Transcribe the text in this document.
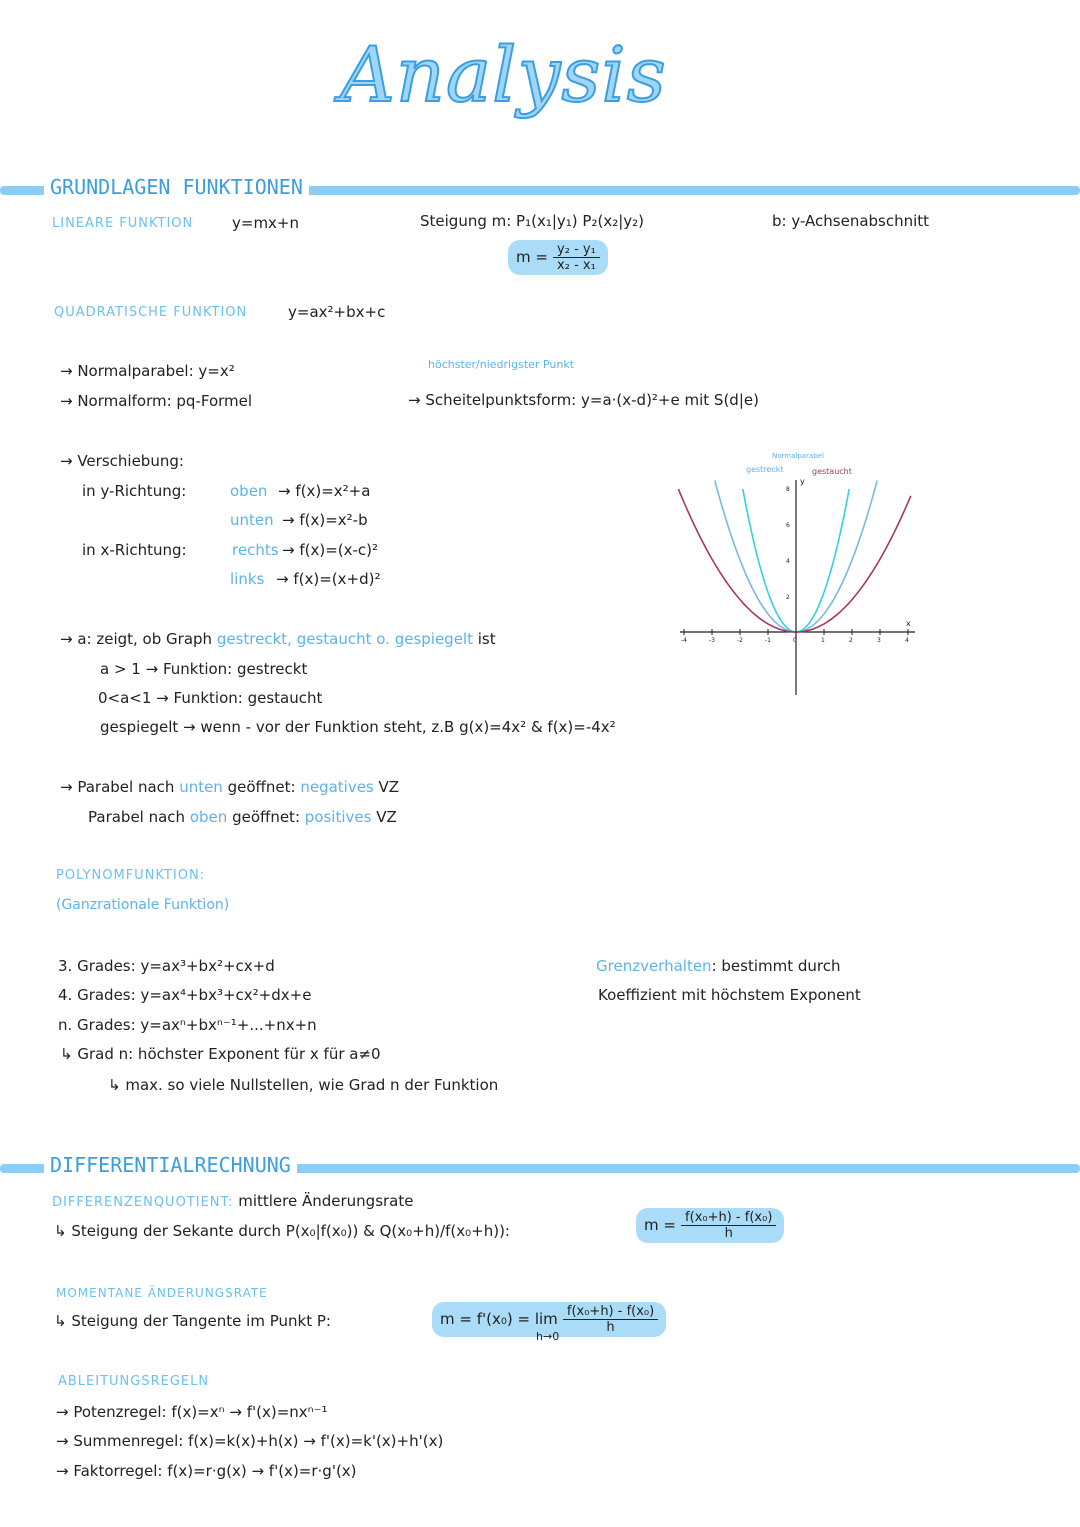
Analysis
GRUNDLAGEN FUNKTIONEN
LINEARE FUNKTION	y=mx+n	Steigung m: P₁(x₁|y₁) P₂(x₂|y₂)	b: y-Achsenabschnitt
$m = \frac{\text{y₂ - y₁}}{\text{x₂ - x₁}}$
QUADRATISCHE FUNKTION	y=ax²+bx+c
→ Normalparabel: y=x²
→ Normalform: pq-Formel
höchster/niedrigster Punkt
→ Scheitelpunktsform: y=a·(x-d)²+e mit S(d|e)
→ Verschiebung:
in y-Richtung:	oben → f(x)=x²+a
unten → f(x)=x²-b
in x-Richtung:	rechts → f(x)=(x-c)²
links → f(x)=(x+d)²
→ a: zeigt, ob Graph gestreckt, gestaucht o. gespiegelt ist
a > 1 → Funktion: gestreckt
0<a<1 → Funktion: gestaucht
gespiegelt → wenn - vor der Funktion steht, z.B g(x)=4x² & f(x)=-4x²
→ Parabel nach unten geöffnet: negatives VZ
Parabel nach oben geöffnet: positives VZ
8
6
4
2
-4	-3	-2	-1	0	1	2	3	4
gestreckt
Normalparabel
gestaucht
y
x
POLYNOMFUNKTION:
(Ganzrationale Funktion)
3. Grades: y=ax³+bx²+cx+d
4. Grades: y=ax⁴+bx³+cx²+dx+e
n. Grades: y=axⁿ+bxⁿ⁻¹+...+nx+n
↳ Grad n: höchster Exponent für x für a≠0
↳ max. so viele Nullstellen, wie Grad n der Funktion
Grenzverhalten: bestimmt durch
Koeffizient mit höchstem Exponent
DIFFERENTIALRECHNUNG
DIFFERENZENQUOTIENT: mittlere Änderungsrate
↳ Steigung der Sekante durch P(x₀|f(x₀)) & Q(x₀+h)/f(x₀+h)):	$m = \frac{\text{f(x₀+h) - f(x₀)}}{h}$
MOMENTANE ÄNDERUNGSRATE
↳ Steigung der Tangente im Punkt P:	$m = f'(x_0) = \lim \frac{\text{f(x₀+h) - f(x₀)}}{h}$
h→0
ABLEITUNGSREGELN
→ Potenzregel: f(x)=xⁿ → f'(x)=nxⁿ⁻¹
→ Summenregel: f(x)=k(x)+h(x) → f'(x)=k'(x)+h'(x)
→ Faktorregel: f(x)=r·g(x) → f'(x)=r·g'(x)
